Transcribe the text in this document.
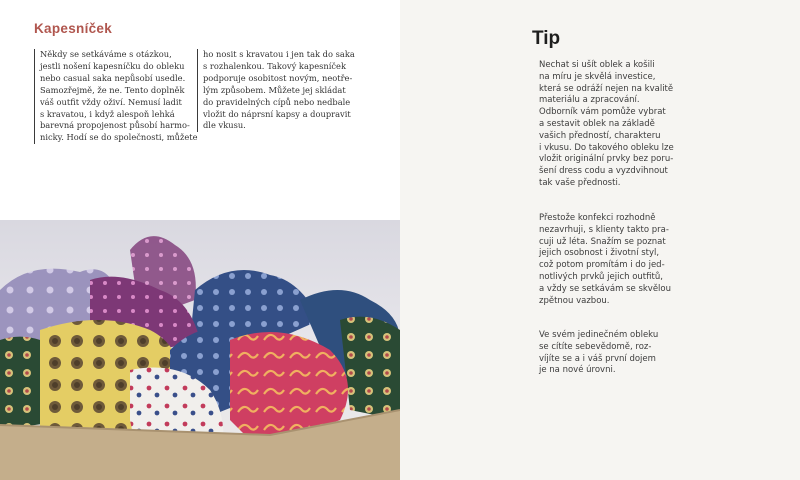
Kapesníček
Někdy se setkáváme s otázkou,
jestli nošení kapesníčku do obleku
nebo casual saka nepůsobí usedle.
Samozřejmě, že ne. Tento doplněk
váš outfit vždy oživí. Nemusí ladit
s kravatou, i když alespoň lehká
barevná propojenost působí harmo-
nicky. Hodí se do společnosti, můžete
ho nosit s kravatou i jen tak do saka
s rozhalenkou. Takový kapesníček
podporuje osobitost novým, neotře-
lým způsobem. Můžete jej skládat
do pravidelných cípů nebo nedbale
vložit do náprsní kapsy a doupravit
dle vkusu.
Tip
Nechat si ušít oblek a košili
na míru je skvělá investice,
která se odráží nejen na kvalitě
materiálu a zpracování.
Odborník vám pomůže vybrat
a sestavit oblek na základě
vašich předností, charakteru
i vkusu. Do takového obleku lze
vložit originální prvky bez poru-
šení dress codu a vyzdvihnout
tak vaše přednosti.
Přestože konfekci rozhodně
nezavrhuji, s klienty takto pra-
cuji už léta. Snažím se poznat
jejich osobnost i životní styl,
což potom promítám i do jed-
notlivých prvků jejich outfitů,
a vždy se setkávám se skvělou
zpětnou vazbou.
Ve svém jedinečném obleku
se cítíte sebevědomě, roz-
víjíte se a i váš první dojem
je na nové úrovni.
